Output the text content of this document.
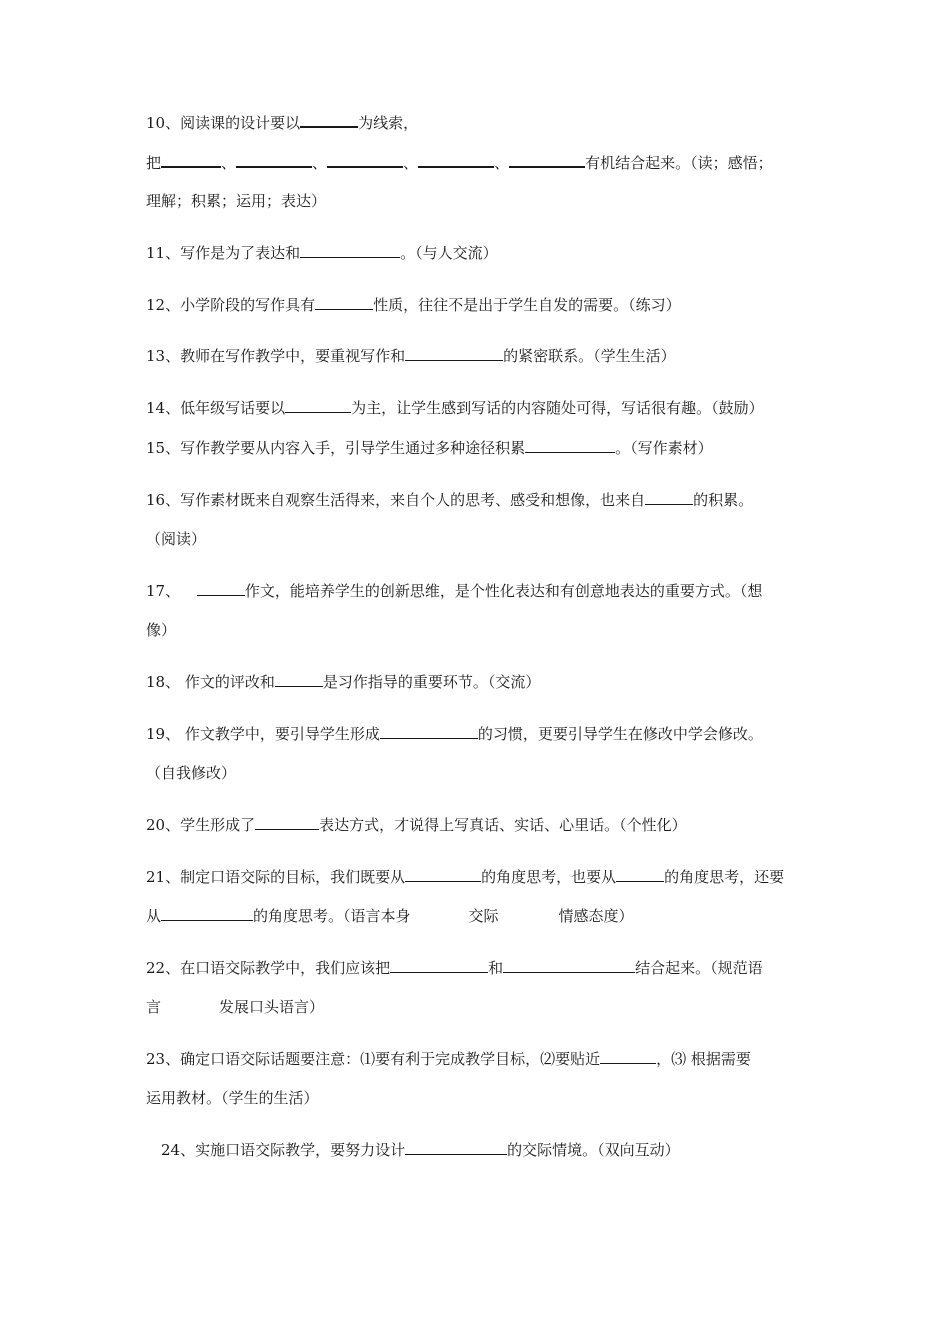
10、阅读课的设计要以	为线索，
把	、	、	、	、	有机结合起来。（读；感悟；
理解；积累；运用；表达）
11、写作是为了表达和	。（与人交流）
12、小学阶段的写作具有	性质，往往不是出于学生自发的需要。（练习）
13、教师在写作教学中，要重视写作和	的紧密联系。（学生生活）
14、低年级写话要以	为主，让学生感到写话的内容随处可得，写话很有趣。（鼓励）
15、写作教学要从内容入手，引导学生通过多种途径积累	。（写作素材）
16、写作素材既来自观察生活得来，来自个人的思考、感受和想像，也来自	的积累。
（阅读）
17、	作文，能培养学生的创新思维，是个性化表达和有创意地表达的重要方式。（想
像）
18、 作文的评改和	是习作指导的重要环节。（交流）
19、 作文教学中，要引导学生形成	的习惯，更要引导学生在修改中学会修改。
（自我修改）
20、学生形成了	表达方式，才说得上写真话、实话、心里话。（个性化）
21、制定口语交际的目标，我们既要从	的角度思考，也要从	的角度思考，还要
从	的角度思考。（语言本身	交际	情感态度）
22、在口语交际教学中，我们应该把	和	结合起来。（规范语
言	发展口头语言）
23、确定口语交际话题要注意：⑴要有利于完成教学目标，⑵要贴近	，⑶ 根据需要
运用教材。（学生的生活）
24、实施口语交际教学，要努力设计	的交际情境。（双向互动）
